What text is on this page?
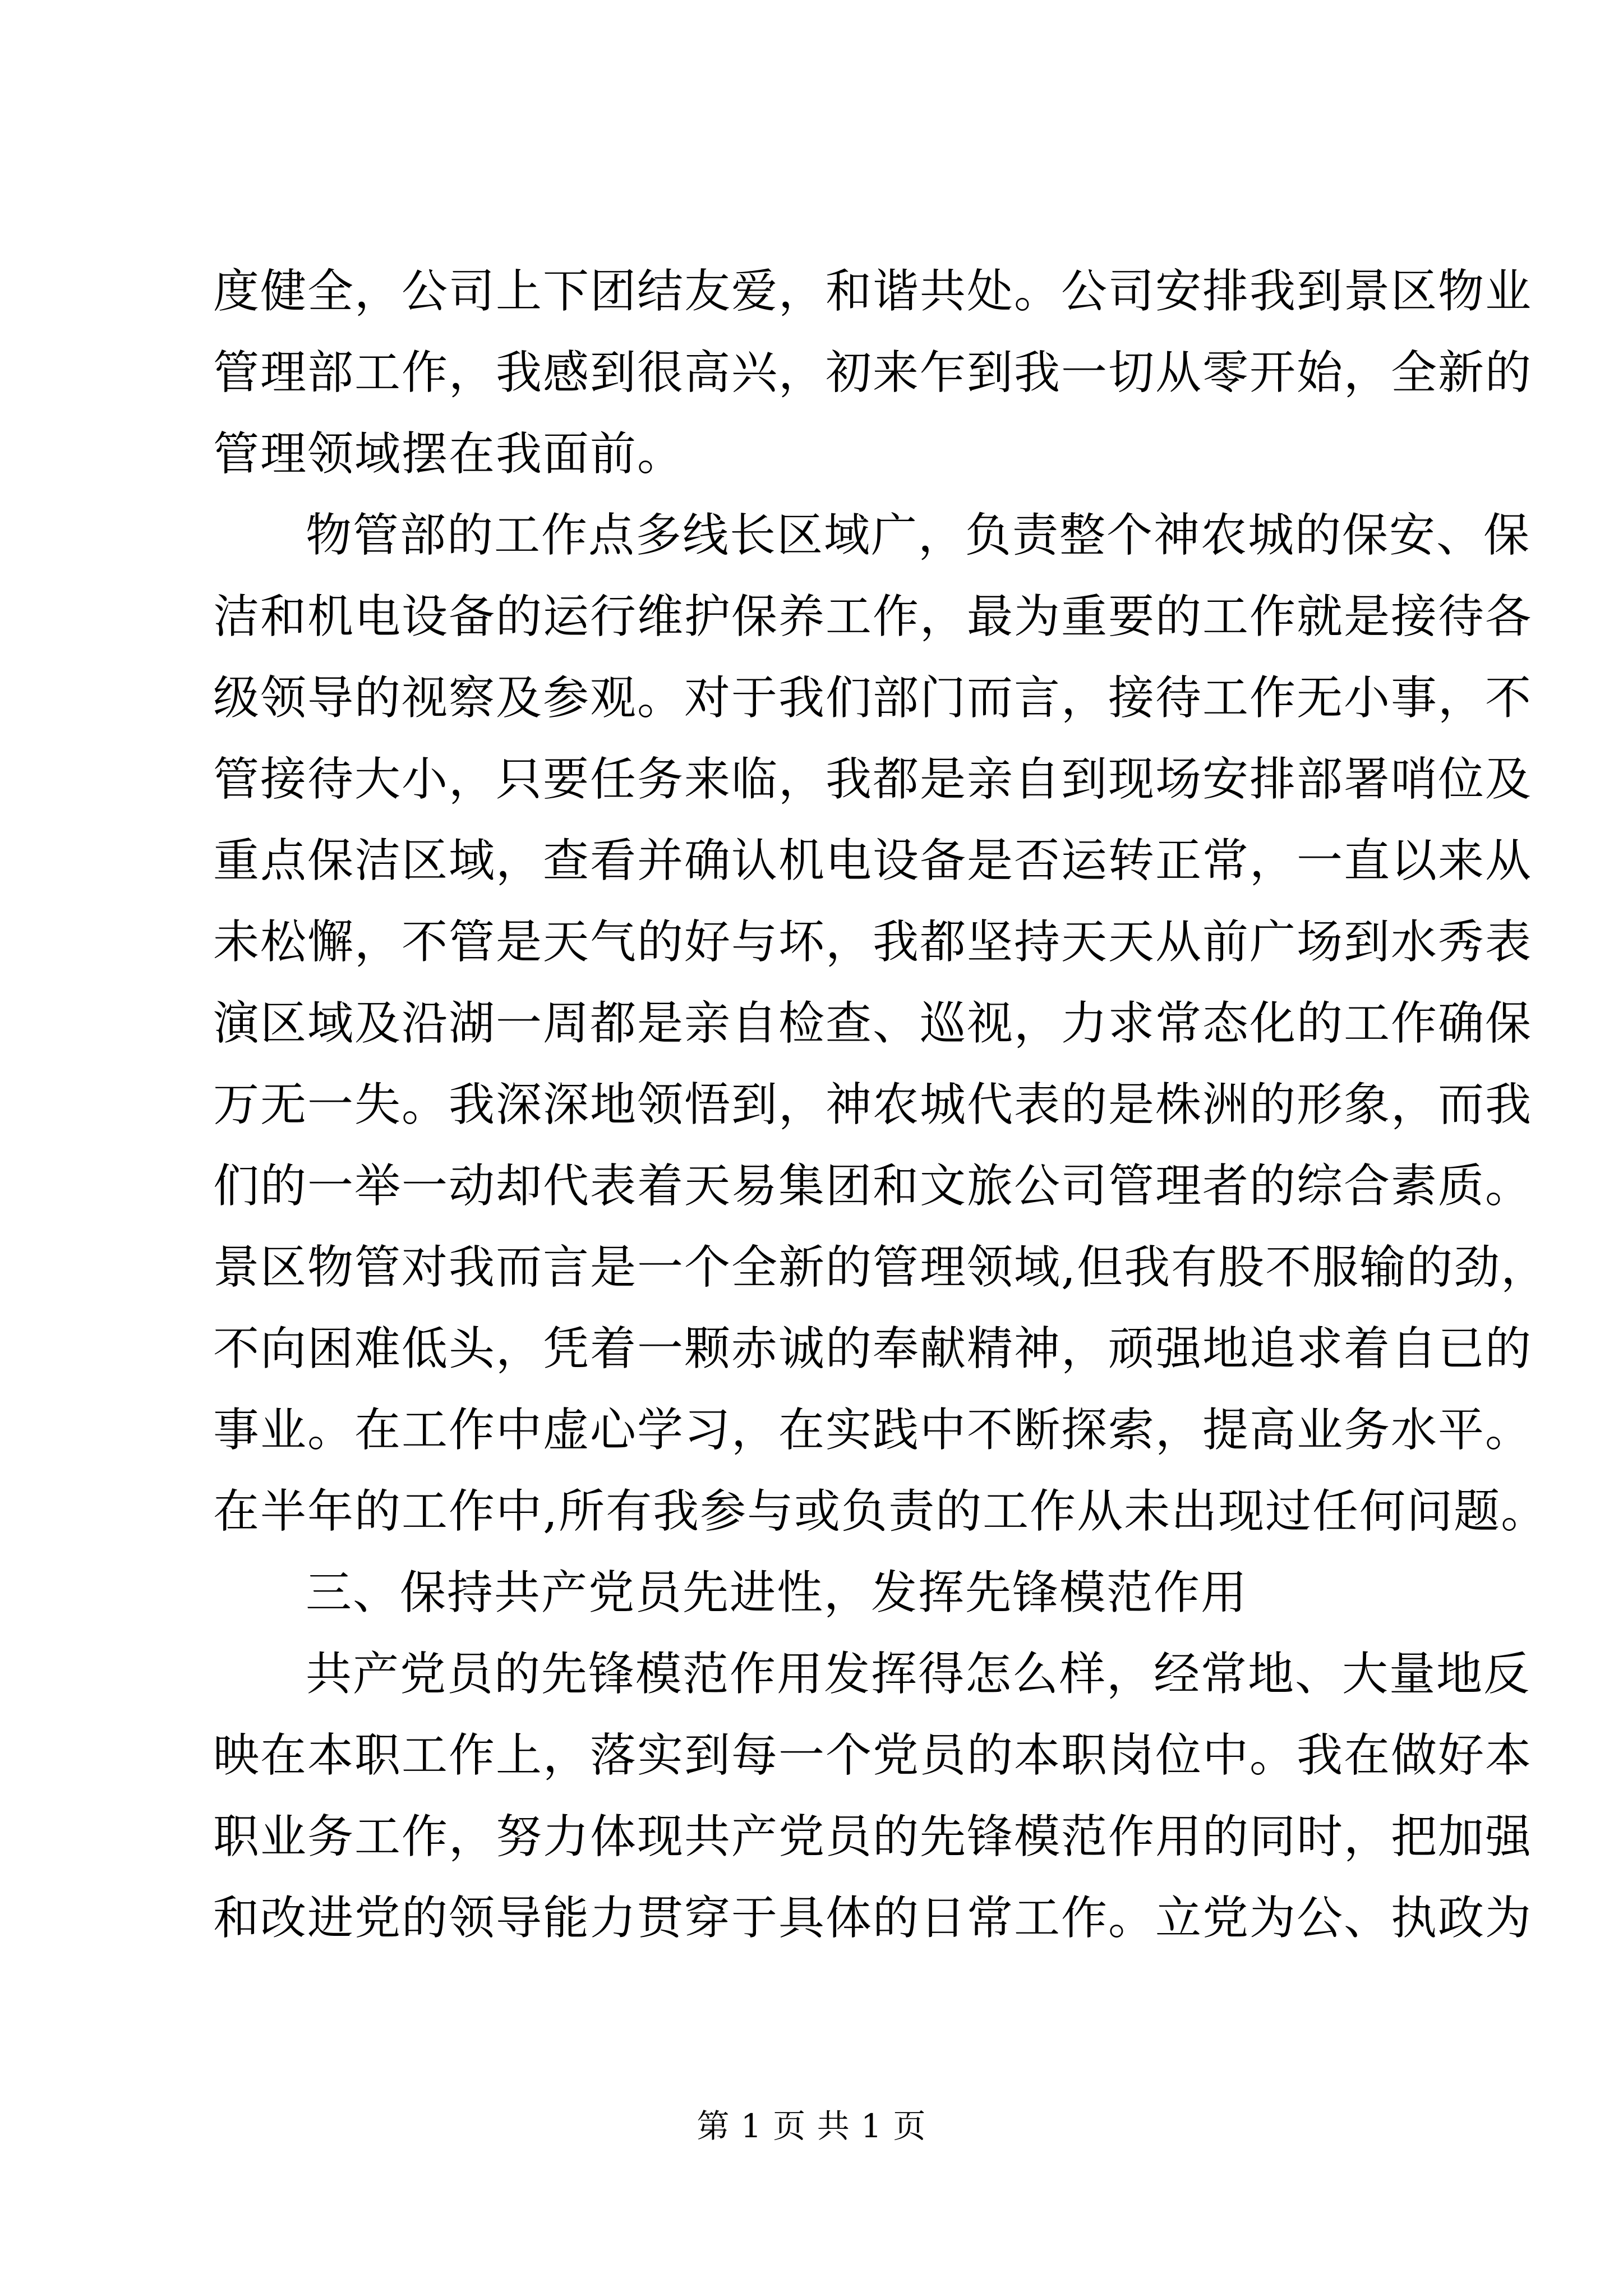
度健全，公司上下团结友爱，和谐共处。公司安排我到景区物业
管理部工作，我感到很高兴，初来乍到我一切从零开始，全新的
管理领域摆在我面前。
物管部的工作点多线长区域广，负责整个神农城的保安、保
洁和机电设备的运行维护保养工作，最为重要的工作就是接待各
级领导的视察及参观。对于我们部门而言，接待工作无小事，不
管接待大小，只要任务来临，我都是亲自到现场安排部署哨位及
重点保洁区域，查看并确认机电设备是否运转正常，一直以来从
未松懈，不管是天气的好与坏，我都坚持天天从前广场到水秀表
演区域及沿湖一周都是亲自检查、巡视，力求常态化的工作确保
万无一失。我深深地领悟到，神农城代表的是株洲的形象，而我
们的一举一动却代表着天易集团和文旅公司管理者的综合素质。
景区物管对我而言是一个全新的管理领域,但我有股不服输的劲，
不向困难低头，凭着一颗赤诚的奉献精神，顽强地追求着自已的
事业。在工作中虚心学习，在实践中不断探索，提高业务水平。
在半年的工作中,所有我参与或负责的工作从未出现过任何问题。
三、保持共产党员先进性，发挥先锋模范作用
共产党员的先锋模范作用发挥得怎么样，经常地、大量地反
映在本职工作上，落实到每一个党员的本职岗位中。我在做好本
职业务工作，努力体现共产党员的先锋模范作用的同时，把加强
和改进党的领导能力贯穿于具体的日常工作。立党为公、执政为
第 1 页 共 1 页
